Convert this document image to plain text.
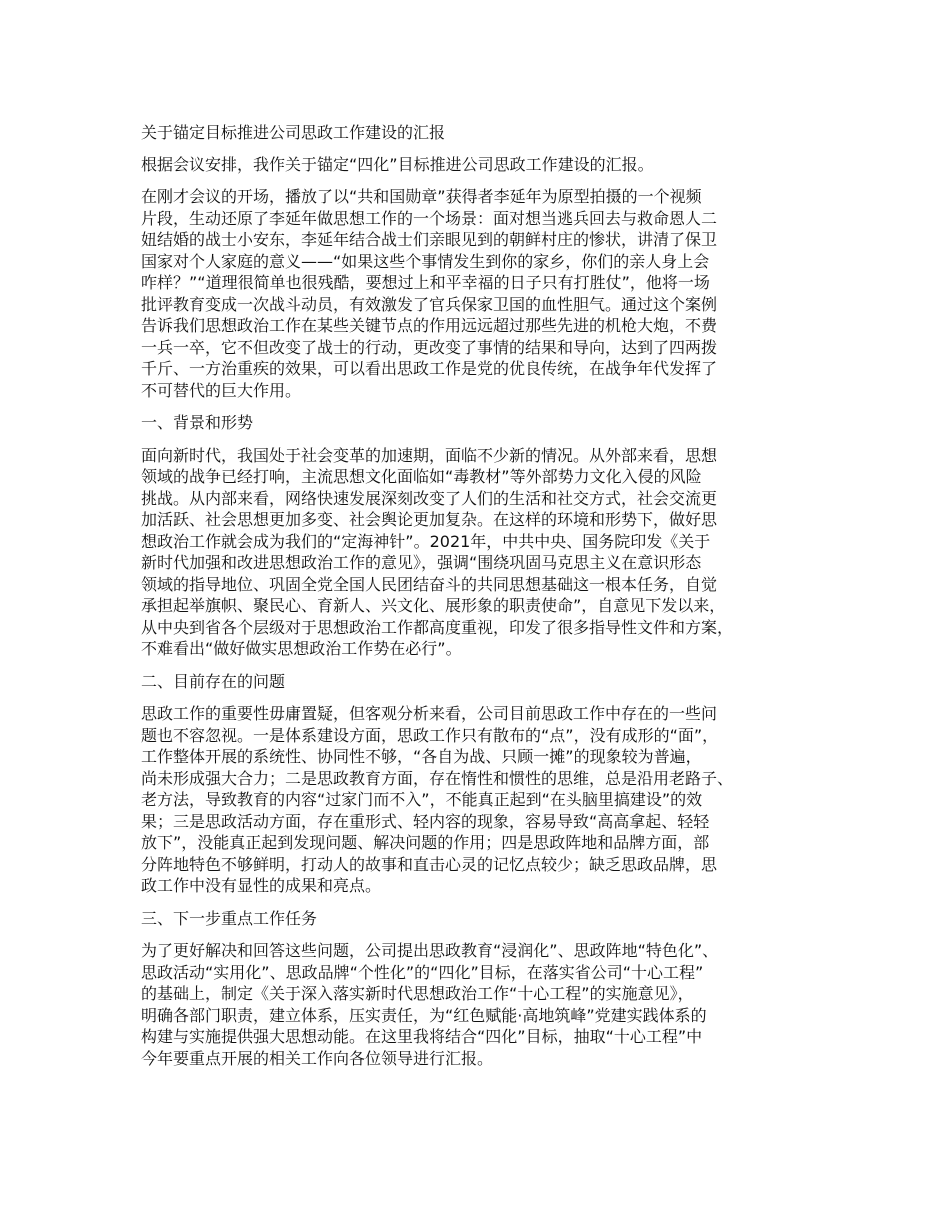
关于锚定目标推进公司思政工作建设的汇报
根据会议安排，我作关于锚定“四化”目标推进公司思政工作建设的汇报。
在刚才会议的开场，播放了以“共和国勋章”获得者李延年为原型拍摄的一个视频
片段，生动还原了李延年做思想工作的一个场景：面对想当逃兵回去与救命恩人二
妞结婚的战士小安东，李延年结合战士们亲眼见到的朝鲜村庄的惨状，讲清了保卫
国家对个人家庭的意义——“如果这些个事情发生到你的家乡，你们的亲人身上会
咋样？”“道理很简单也很残酷，要想过上和平幸福的日子只有打胜仗”，他将一场
批评教育变成一次战斗动员，有效激发了官兵保家卫国的血性胆气。通过这个案例
告诉我们思想政治工作在某些关键节点的作用远远超过那些先进的机枪大炮，不费
一兵一卒，它不但改变了战士的行动，更改变了事情的结果和导向，达到了四两拨
千斤、一方治重疾的效果，可以看出思政工作是党的优良传统，在战争年代发挥了
不可替代的巨大作用。
一、背景和形势
面向新时代，我国处于社会变革的加速期，面临不少新的情况。从外部来看，思想
领域的战争已经打响，主流思想文化面临如“毒教材”等外部势力文化入侵的风险
挑战。从内部来看，网络快速发展深刻改变了人们的生活和社交方式，社会交流更
加活跃、社会思想更加多变、社会舆论更加复杂。在这样的环境和形势下，做好思
想政治工作就会成为我们的“定海神针”。2021年，中共中央、国务院印发《关于
新时代加强和改进思想政治工作的意见》，强调“围绕巩固马克思主义在意识形态
领域的指导地位、巩固全党全国人民团结奋斗的共同思想基础这一根本任务，自觉
承担起举旗帜、聚民心、育新人、兴文化、展形象的职责使命”，自意见下发以来，
从中央到省各个层级对于思想政治工作都高度重视，印发了很多指导性文件和方案，
不难看出“做好做实思想政治工作势在必行”。
二、目前存在的问题
思政工作的重要性毋庸置疑，但客观分析来看，公司目前思政工作中存在的一些问
题也不容忽视。一是体系建设方面，思政工作只有散布的“点”，没有成形的“面”，
工作整体开展的系统性、协同性不够，“各自为战、只顾一摊”的现象较为普遍，
尚未形成强大合力；二是思政教育方面，存在惰性和惯性的思维，总是沿用老路子、
老方法，导致教育的内容“过家门而不入”，不能真正起到“在头脑里搞建设”的效
果；三是思政活动方面，存在重形式、轻内容的现象，容易导致“高高拿起、轻轻
放下”，没能真正起到发现问题、解决问题的作用；四是思政阵地和品牌方面，部
分阵地特色不够鲜明，打动人的故事和直击心灵的记忆点较少；缺乏思政品牌，思
政工作中没有显性的成果和亮点。
三、下一步重点工作任务
为了更好解决和回答这些问题，公司提出思政教育“浸润化”、思政阵地“特色化”、
思政活动“实用化”、思政品牌“个性化”的“四化”目标，在落实省公司“十心工程”
的基础上，制定《关于深入落实新时代思想政治工作“十心工程”的实施意见》，
明确各部门职责，建立体系，压实责任，为“红色赋能·高地筑峰”党建实践体系的
构建与实施提供强大思想动能。在这里我将结合“四化”目标，抽取“十心工程”中
今年要重点开展的相关工作向各位领导进行汇报。
